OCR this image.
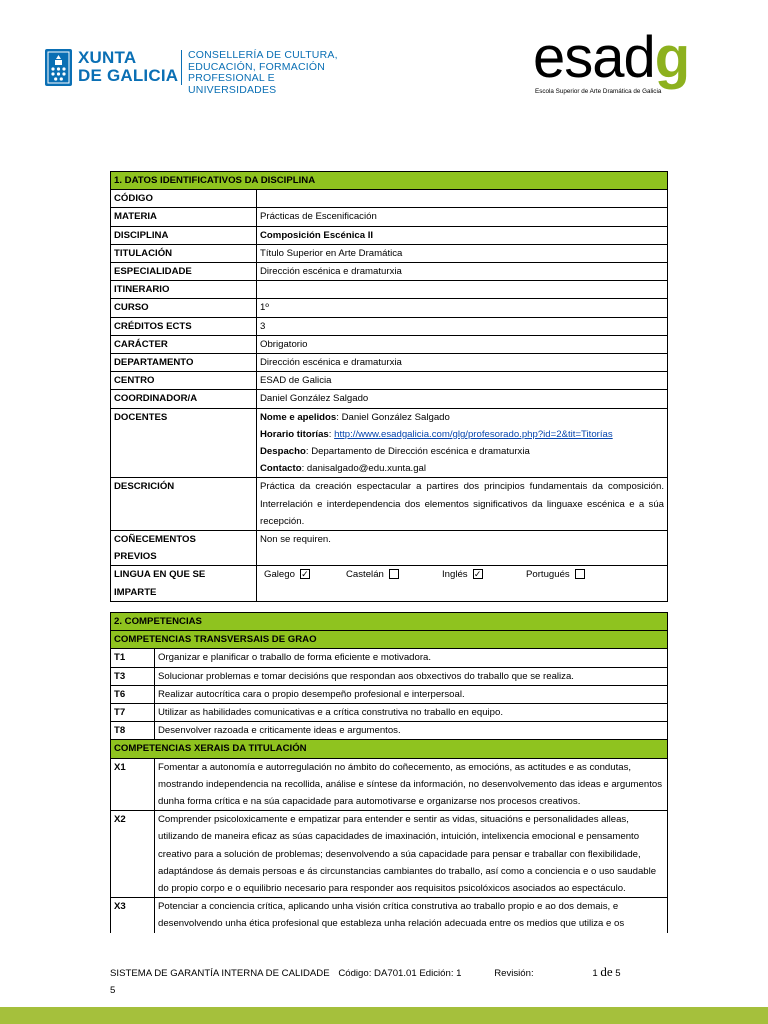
XUNTA
DE GALICIA
CONSELLERÍA DE CULTURA,
EDUCACIÓN, FORMACIÓN
PROFESIONAL E UNIVERSIDADES	esadg
Escola Superior de Arte Dramática de Galicia
1. DATOS IDENTIFICATIVOS DA DISCIPLINA	
CÓDIGO	
MATERIA	Prácticas de Escenificación
DISCIPLINA	Composición Escénica II
TITULACIÓN	Título Superior en Arte Dramática
ESPECIALIDADE	Dirección escénica e dramaturxia
ITINERARIO	
CURSO	1º
CRÉDITOS ECTS	3
CARÁCTER	Obrigatorio
DEPARTAMENTO	Dirección escénica e dramaturxia
CENTRO	ESAD de Galicia
COORDINADOR/A	Daniel González Salgado
DOCENTES	Nome e apelidos: Daniel González Salgado
Horario titorías: http://www.esadgalicia.com/glg/profesorado.php?id=2&tit=Titorías
Despacho: Departamento de Dirección escénica e dramaturxia
Contacto: danisalgado@edu.xunta.gal

DESCRICIÓN	Práctica da creación espectacular a partires dos principios fundamentais da composición. Interrelación e interdependencia dos elementos significativos da linguaxe escénica e a súa recepción.

COÑECEMENTOS
PREVIOS	Non se requiren.

LINGUA EN QUE SE
IMPARTE	Galego ✓ Castelán Inglés ✓ Portugués
2. COMPETENCIAS	
COMPETENCIAS TRANSVERSAIS DE GRAO	
T1	Organizar e planificar o traballo de forma eficiente e motivadora.
T3	Solucionar problemas e tomar decisións que respondan aos obxectivos do traballo que se realiza.
T6	Realizar autocrítica cara o propio desempeño profesional e interpersoal.
T7	Utilizar as habilidades comunicativas e a crítica construtiva no traballo en equipo.
T8	Desenvolver razoada e criticamente ideas e argumentos.
COMPETENCIAS XERAIS DA TITULACIÓN	
X1	Fomentar a autonomía e autorregulación no ámbito do coñecemento, as emocións, as actitudes e as condutas, mostrando independencia na recollida, análise e síntese da información, no desenvolvemento das ideas e argumentos dunha forma crítica e na súa capacidade para automotivarse e organizarse nos procesos creativos.
X2	Comprender psicoloxicamente e empatizar para entender e sentir as vidas, situacións e personalidades alleas, utilizando de maneira eficaz as súas capacidades de imaxinación, intuición, intelixencia emocional e pensamento creativo para a solución de problemas; desenvolvendo a súa capacidade para pensar e traballar con flexibilidade, adaptándose ás demais persoas e ás circunstancias cambiantes do traballo, así como a conciencia e o uso saudable do propio corpo e o equilibrio necesario para responder aos requisitos psicolóxicos asociados ao espectáculo.
X3	Potenciar a conciencia crítica, aplicando unha visión crítica construtiva ao traballo propio e ao dos demais, e desenvolvendo unha ética profesional que estableza unha relación adecuada entre os medios que utiliza e os
SISTEMA DE GARANTÍA INTERNA DE CALIDADE Código: DA701.01 Edición: 1	Revisión:	1 de 5
5
